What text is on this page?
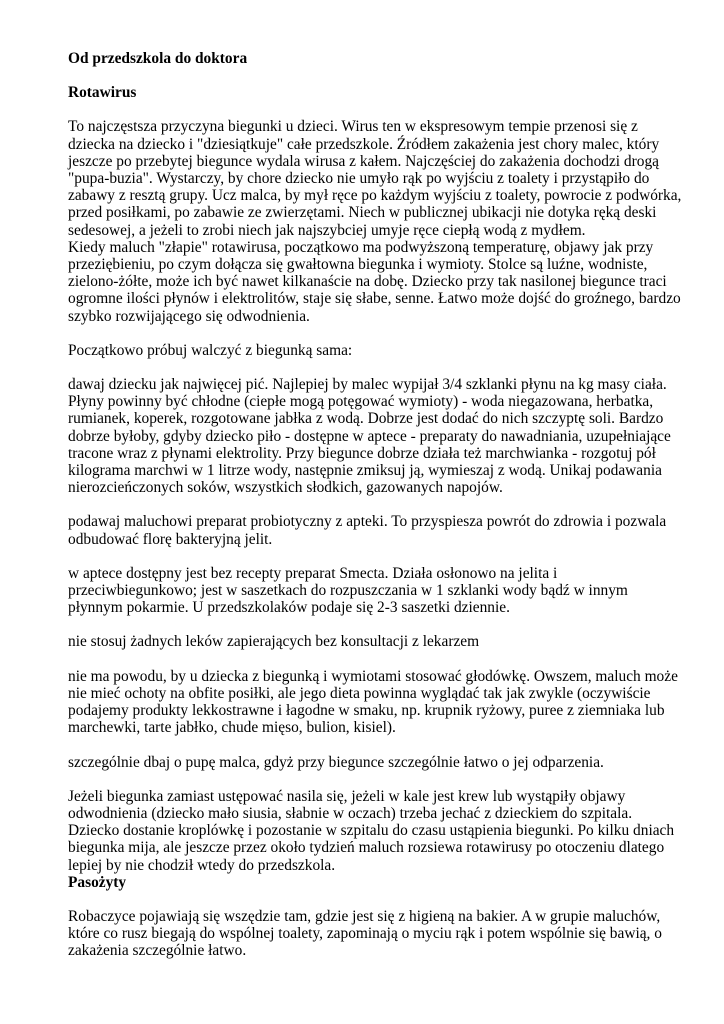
Od przedszkola do doktora

Rotawirus

To najczęstsza przyczyna biegunki u dzieci. Wirus ten w ekspresowym tempie przenosi się z
dziecka na dziecko i "dziesiątkuje" całe przedszkole. Źródłem zakażenia jest chory malec, który
jeszcze po przebytej biegunce wydala wirusa z kałem. Najczęściej do zakażenia dochodzi drogą
"pupa-buzia". Wystarczy, by chore dziecko nie umyło rąk po wyjściu z toalety i przystąpiło do
zabawy z resztą grupy. Ucz malca, by mył ręce po każdym wyjściu z toalety, powrocie z podwórka,
przed posiłkami, po zabawie ze zwierzętami. Niech w publicznej ubikacji nie dotyka ręką deski
sedesowej, a jeżeli to zrobi niech jak najszybciej umyje ręce ciepłą wodą z mydłem.
Kiedy maluch "złapie" rotawirusa, początkowo ma podwyższoną temperaturę, objawy jak przy
przeziębieniu, po czym dołącza się gwałtowna biegunka i wymioty. Stolce są luźne, wodniste,
zielono-żółte, może ich być nawet kilkanaście na dobę. Dziecko przy tak nasilonej biegunce traci
ogromne ilości płynów i elektrolitów, staje się słabe, senne. Łatwo może dojść do groźnego, bardzo
szybko rozwijającego się odwodnienia.
Początkowo próbuj walczyć z biegunką sama:
dawaj dziecku jak najwięcej pić. Najlepiej by malec wypijał 3/4 szklanki płynu na kg masy ciała.
Płyny powinny być chłodne (ciepłe mogą potęgować wymioty) - woda niegazowana, herbatka,
rumianek, koperek, rozgotowane jabłka z wodą. Dobrze jest dodać do nich szczyptę soli. Bardzo
dobrze byłoby, gdyby dziecko piło - dostępne w aptece - preparaty do nawadniania, uzupełniające
tracone wraz z płynami elektrolity. Przy biegunce dobrze działa też marchwianka - rozgotuj pół
kilograma marchwi w 1 litrze wody, następnie zmiksuj ją, wymieszaj z wodą. Unikaj podawania
nierozcieńczonych soków, wszystkich słodkich, gazowanych napojów.
podawaj maluchowi preparat probiotyczny z apteki. To przyspiesza powrót do zdrowia i pozwala
odbudować florę bakteryjną jelit.
w aptece dostępny jest bez recepty preparat Smecta. Działa osłonowo na jelita i
przeciwbiegunkowo; jest w saszetkach do rozpuszczania w 1 szklanki wody bądź w innym
płynnym pokarmie. U przedszkolaków podaje się 2-3 saszetki dziennie.
nie stosuj żadnych leków zapierających bez konsultacji z lekarzem
nie ma powodu, by u dziecka z biegunką i wymiotami stosować głodówkę. Owszem, maluch może
nie mieć ochoty na obfite posiłki, ale jego dieta powinna wyglądać tak jak zwykle (oczywiście
podajemy produkty lekkostrawne i łagodne w smaku, np. krupnik ryżowy, puree z ziemniaka lub
marchewki, tarte jabłko, chude mięso, bulion, kisiel).
szczególnie dbaj o pupę malca, gdyż przy biegunce szczególnie łatwo o jej odparzenia.
Jeżeli biegunka zamiast ustępować nasila się, jeżeli w kale jest krew lub wystąpiły objawy
odwodnienia (dziecko mało siusia, słabnie w oczach) trzeba jechać z dzieckiem do szpitala.
Dziecko dostanie kroplówkę i pozostanie w szpitalu do czasu ustąpienia biegunki. Po kilku dniach
biegunka mija, ale jeszcze przez około tydzień maluch rozsiewa rotawirusy po otoczeniu dlatego
lepiej by nie chodził wtedy do przedszkola.

Pasożyty

Robaczyce pojawiają się wszędzie tam, gdzie jest się z higieną na bakier. A w grupie maluchów,
które co rusz biegają do wspólnej toalety, zapominają o myciu rąk i potem wspólnie się bawią, o
zakażenia szczególnie łatwo.
